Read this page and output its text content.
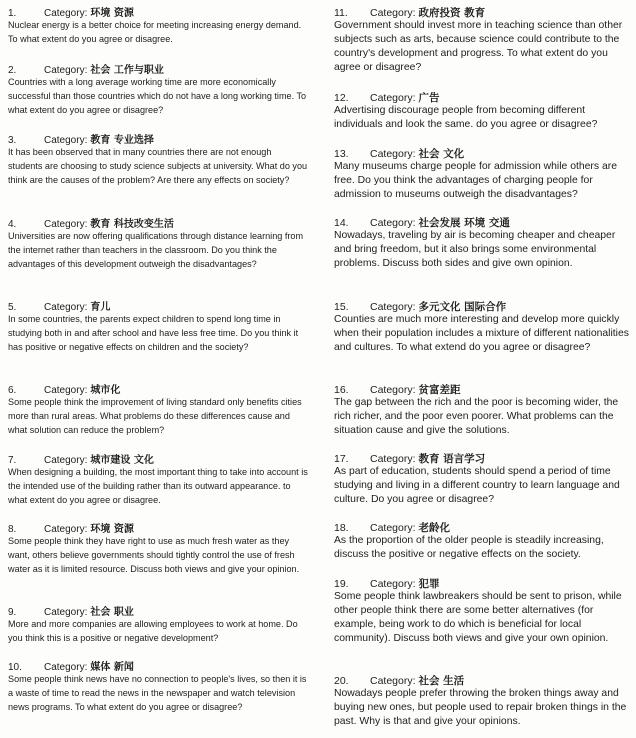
1.	Category: 环境 资源

Nuclear energy is a better choice for meeting increasing energy demand. To what extent do you agree or disagree.

2.	Category: 社会 工作与职业

Countries with a long average working time are more economically successful than those countries which do not have a long working time. To what extent do you agree or disagree?

3.	Category: 教育 专业选择

It has been observed that in many countries there are not enough students are choosing to study science subjects at university. What do you think are the causes of the problem? Are there any effects on society?

4.	Category: 教育 科技改变生活

Universities are now offering qualifications through distance learning from the internet rather than teachers in the classroom. Do you think the advantages of this development outweigh the disadvantages?

5.	Category: 育儿

In some countries, the parents expect children to spend long time in studying both in and after school and have less free time. Do you think it has positive or negative effects on children and the society?

6.	Category: 城市化

Some people think the improvement of living standard only benefits cities more than rural areas. What problems do these differences cause and what solution can reduce the problem?

7.	Category: 城市建设 文化

When designing a building, the most important thing to take into account is the intended use of the building rather than its outward appearance. to what extent do you agree or disagree.

8.	Category: 环境 资源

Some people think they have right to use as much fresh water as they want, others believe governments should tightly control the use of fresh water as it is limited resource. Discuss both views and give your opinion.

9.	Category: 社会 职业

More and more companies are allowing employees to work at home. Do you think this is a positive or negative development?

10. Category: 媒体 新闻

Some people think news have no connection to people's lives, so then it is a waste of time to read the news in the newspaper and watch television news programs. To what extent do you agree or disagree?

11. Category: 政府投资 教育

Government should invest more in teaching science than other subjects such as arts, because science could contribute to the country's development and progress. To what extent do you agree or disagree?

12. Category: 广告

Advertising discourage people from becoming different individuals and look the same. do you agree or disagree?

13. Category: 社会 文化

Many museums charge people for admission while others are free. Do you think the advantages of charging people for admission to museums outweigh the disadvantages?

14. Category: 社会发展 环境 交通

Nowadays, traveling by air is becoming cheaper and cheaper and bring freedom, but it also brings some environmental problems. Discuss both sides and give own opinion.

15. Category: 多元文化 国际合作

Counties are much more interesting and develop more quickly when their population includes a mixture of different nationalities and cultures. To what extend do you agree or disagree?

16. Category: 贫富差距

The gap between the rich and the poor is becoming wider, the rich richer, and the poor even poorer. What problems can the situation cause and give the solutions.

17. Category: 教育 语言学习

As part of education, students should spend a period of time studying and living in a different country to learn language and culture. Do you agree or disagree?

18. Category: 老龄化

As the proportion of the older people is steadily increasing, discuss the positive or negative effects on the society.

19. Category: 犯罪

Some people think lawbreakers should be sent to prison, while other people think there are some better alternatives (for example, being work to do which is beneficial for local community). Discuss both views and give your own opinion.

20. Category: 社会 生活

Nowadays people prefer throwing the broken things away and buying new ones, but people used to repair broken things in the past. Why is that and give your opinions.
